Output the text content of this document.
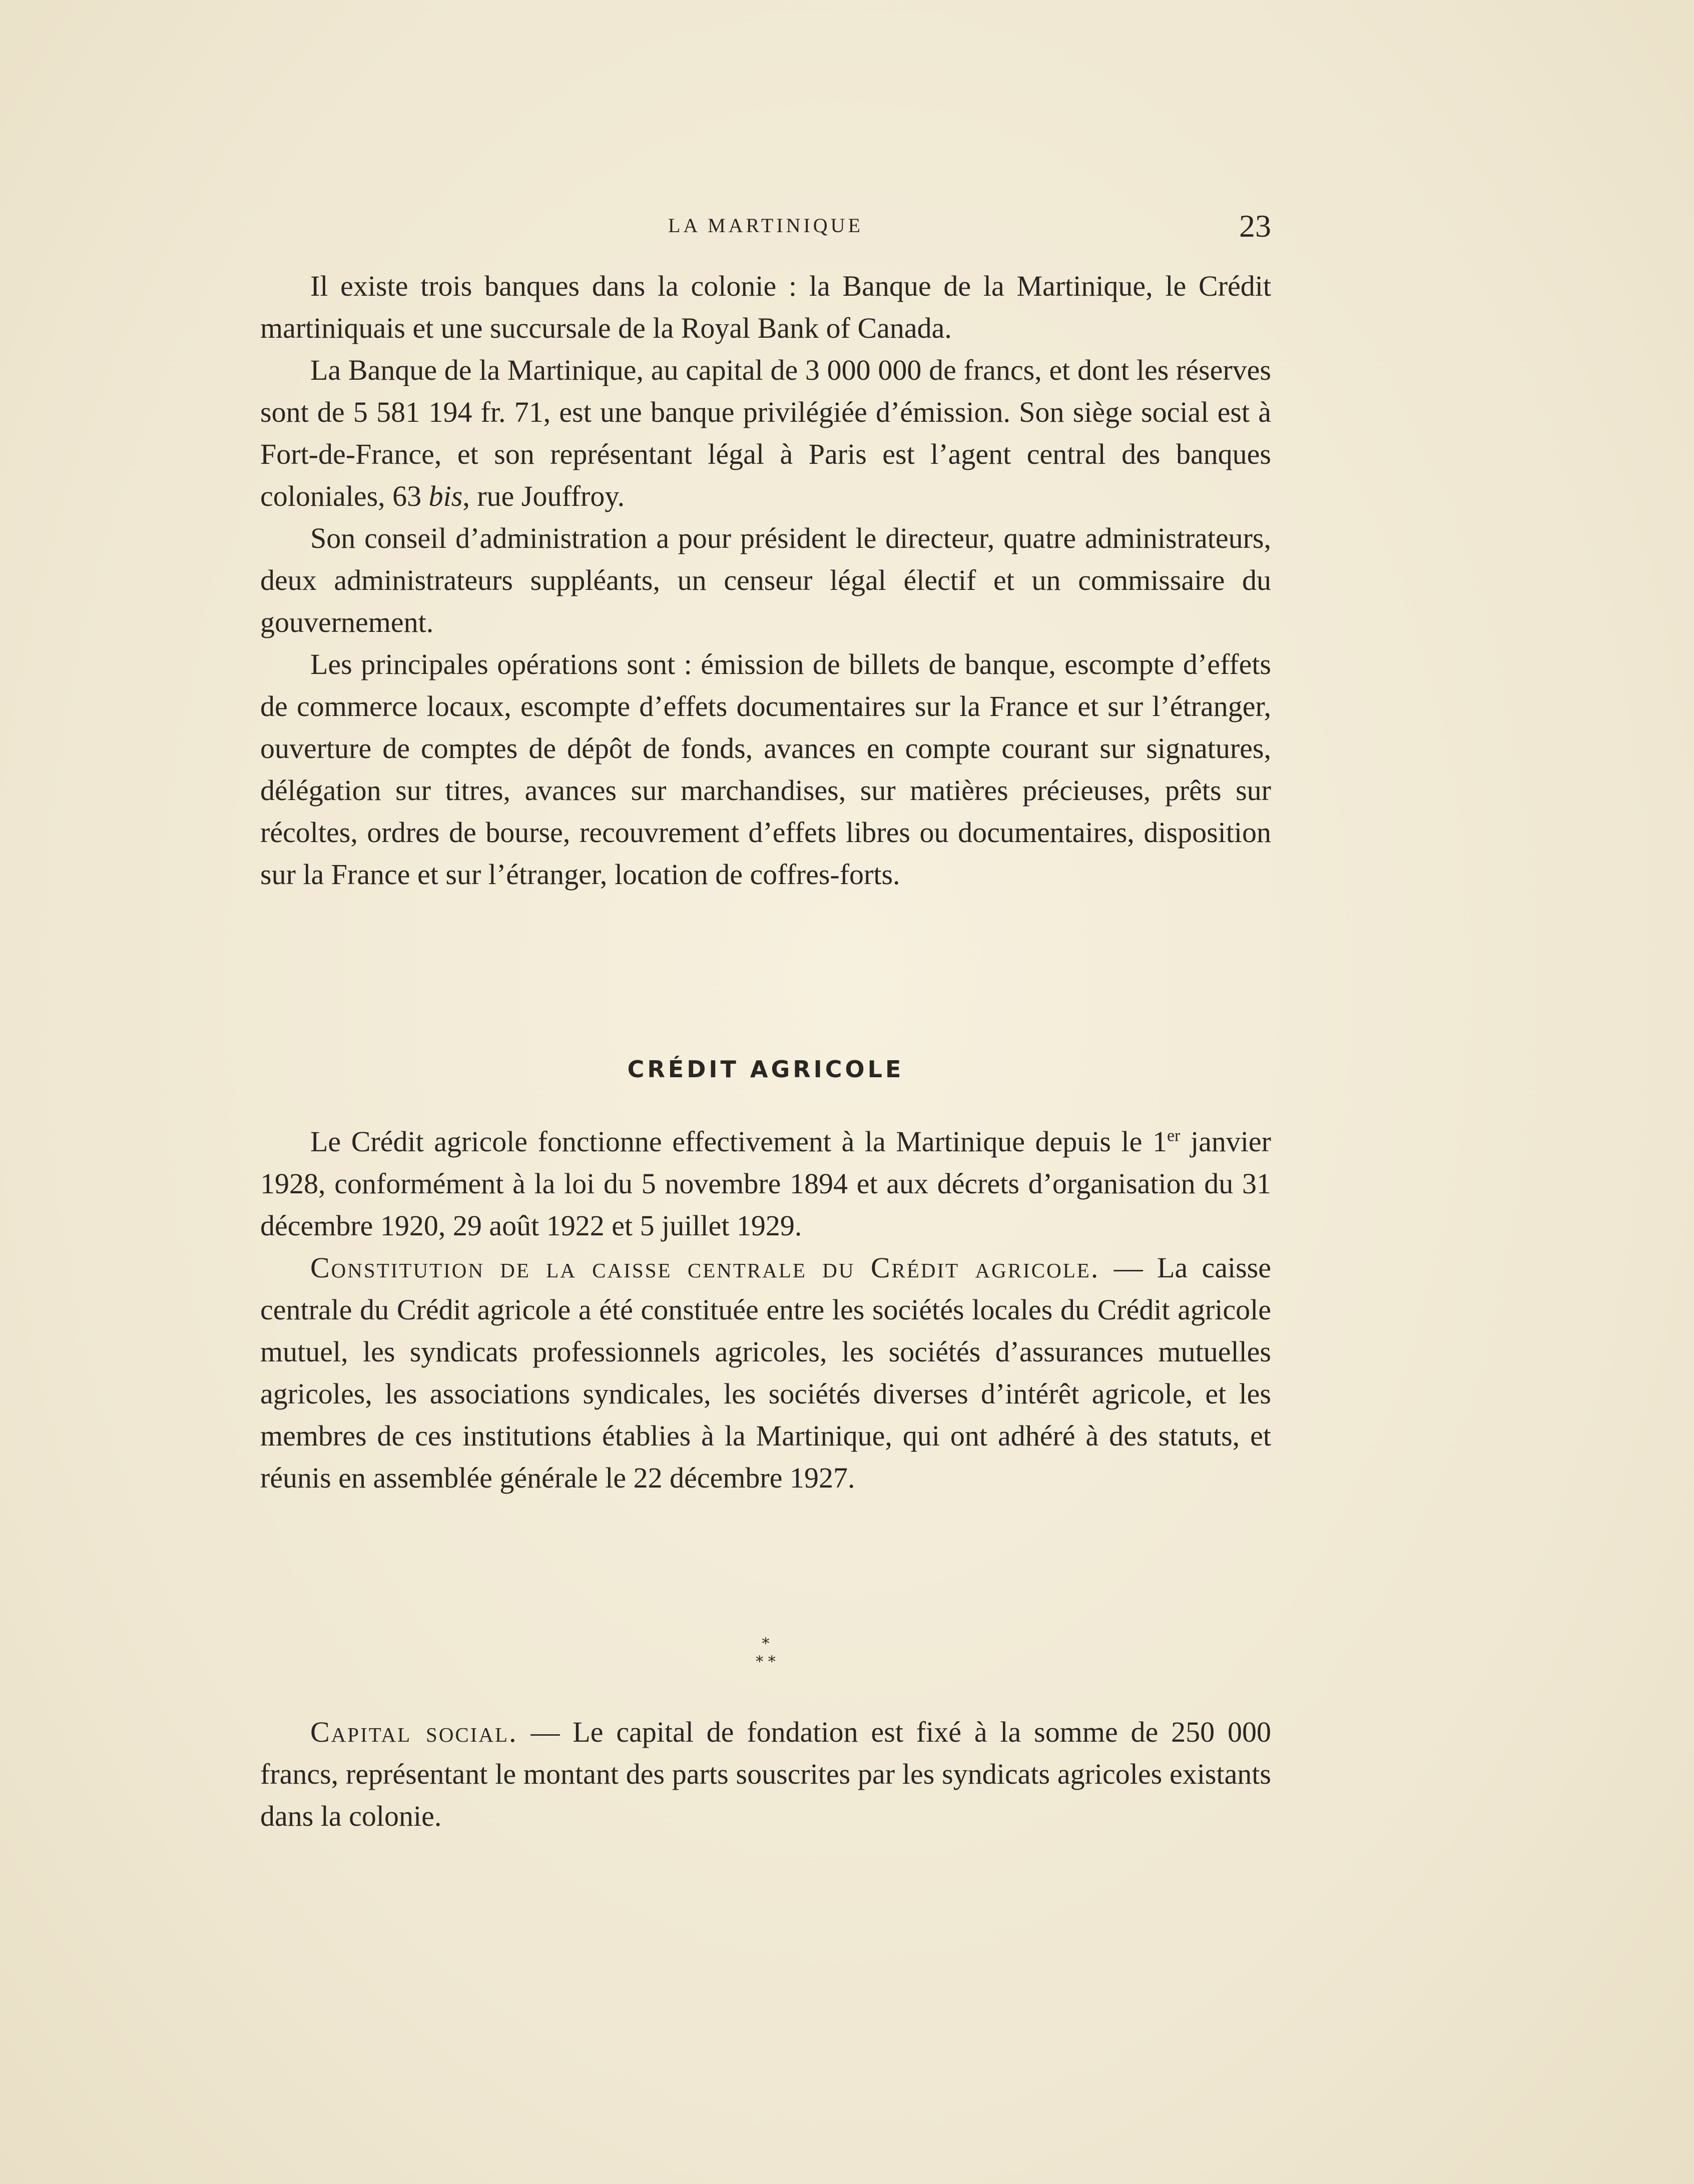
LA MARTINIQUE	23

Il existe trois banques dans la colonie : la Banque de la Martinique, le Crédit martiniquais et une succursale de la Royal Bank of Canada.

La Banque de la Martinique, au capital de 3 000 000 de francs, et dont les réserves sont de 5 581 194 fr. 71, est une banque privilégiée d’émission. Son siège social est à Fort-de-France, et son représentant légal à Paris est l’agent central des banques coloniales, 63 bis, rue Jouffroy.

Son conseil d’administration a pour président le directeur, quatre administrateurs, deux administrateurs suppléants, un censeur légal électif et un commissaire du gouvernement.

Les principales opérations sont : émission de billets de banque, escompte d’effets de commerce locaux, escompte d’effets documentaires sur la France et sur l’étranger, ouverture de comptes de dépôt de fonds, avances en compte courant sur signatures, délégation sur titres, avances sur marchandises, sur matières précieuses, prêts sur récoltes, ordres de bourse, recouvrement d’effets libres ou documentaires, disposition sur la France et sur l’étranger, location de coffres-forts.

CRÉDIT AGRICOLE

Le Crédit agricole fonctionne effectivement à la Martinique depuis le 1er janvier 1928, conformément à la loi du 5 novembre 1894 et aux décrets d’organisation du 31 décembre 1920, 29 août 1922 et 5 juillet 1929.

Constitution de la caisse centrale du Crédit agricole. — La caisse centrale du Crédit agricole a été constituée entre les sociétés locales du Crédit agricole mutuel, les syndicats professionnels agricoles, les sociétés d’assurances mutuelles agricoles, les associations syndicales, les sociétés diverses d’intérêt agricole, et les membres de ces institutions établies à la Martinique, qui ont adhéré à des statuts, et réunis en assemblée générale le 22 décembre 1927.

*
* *

Capital social. — Le capital de fondation est fixé à la somme de 250 000 francs, représentant le montant des parts souscrites par les syndicats agricoles existants dans la colonie.
